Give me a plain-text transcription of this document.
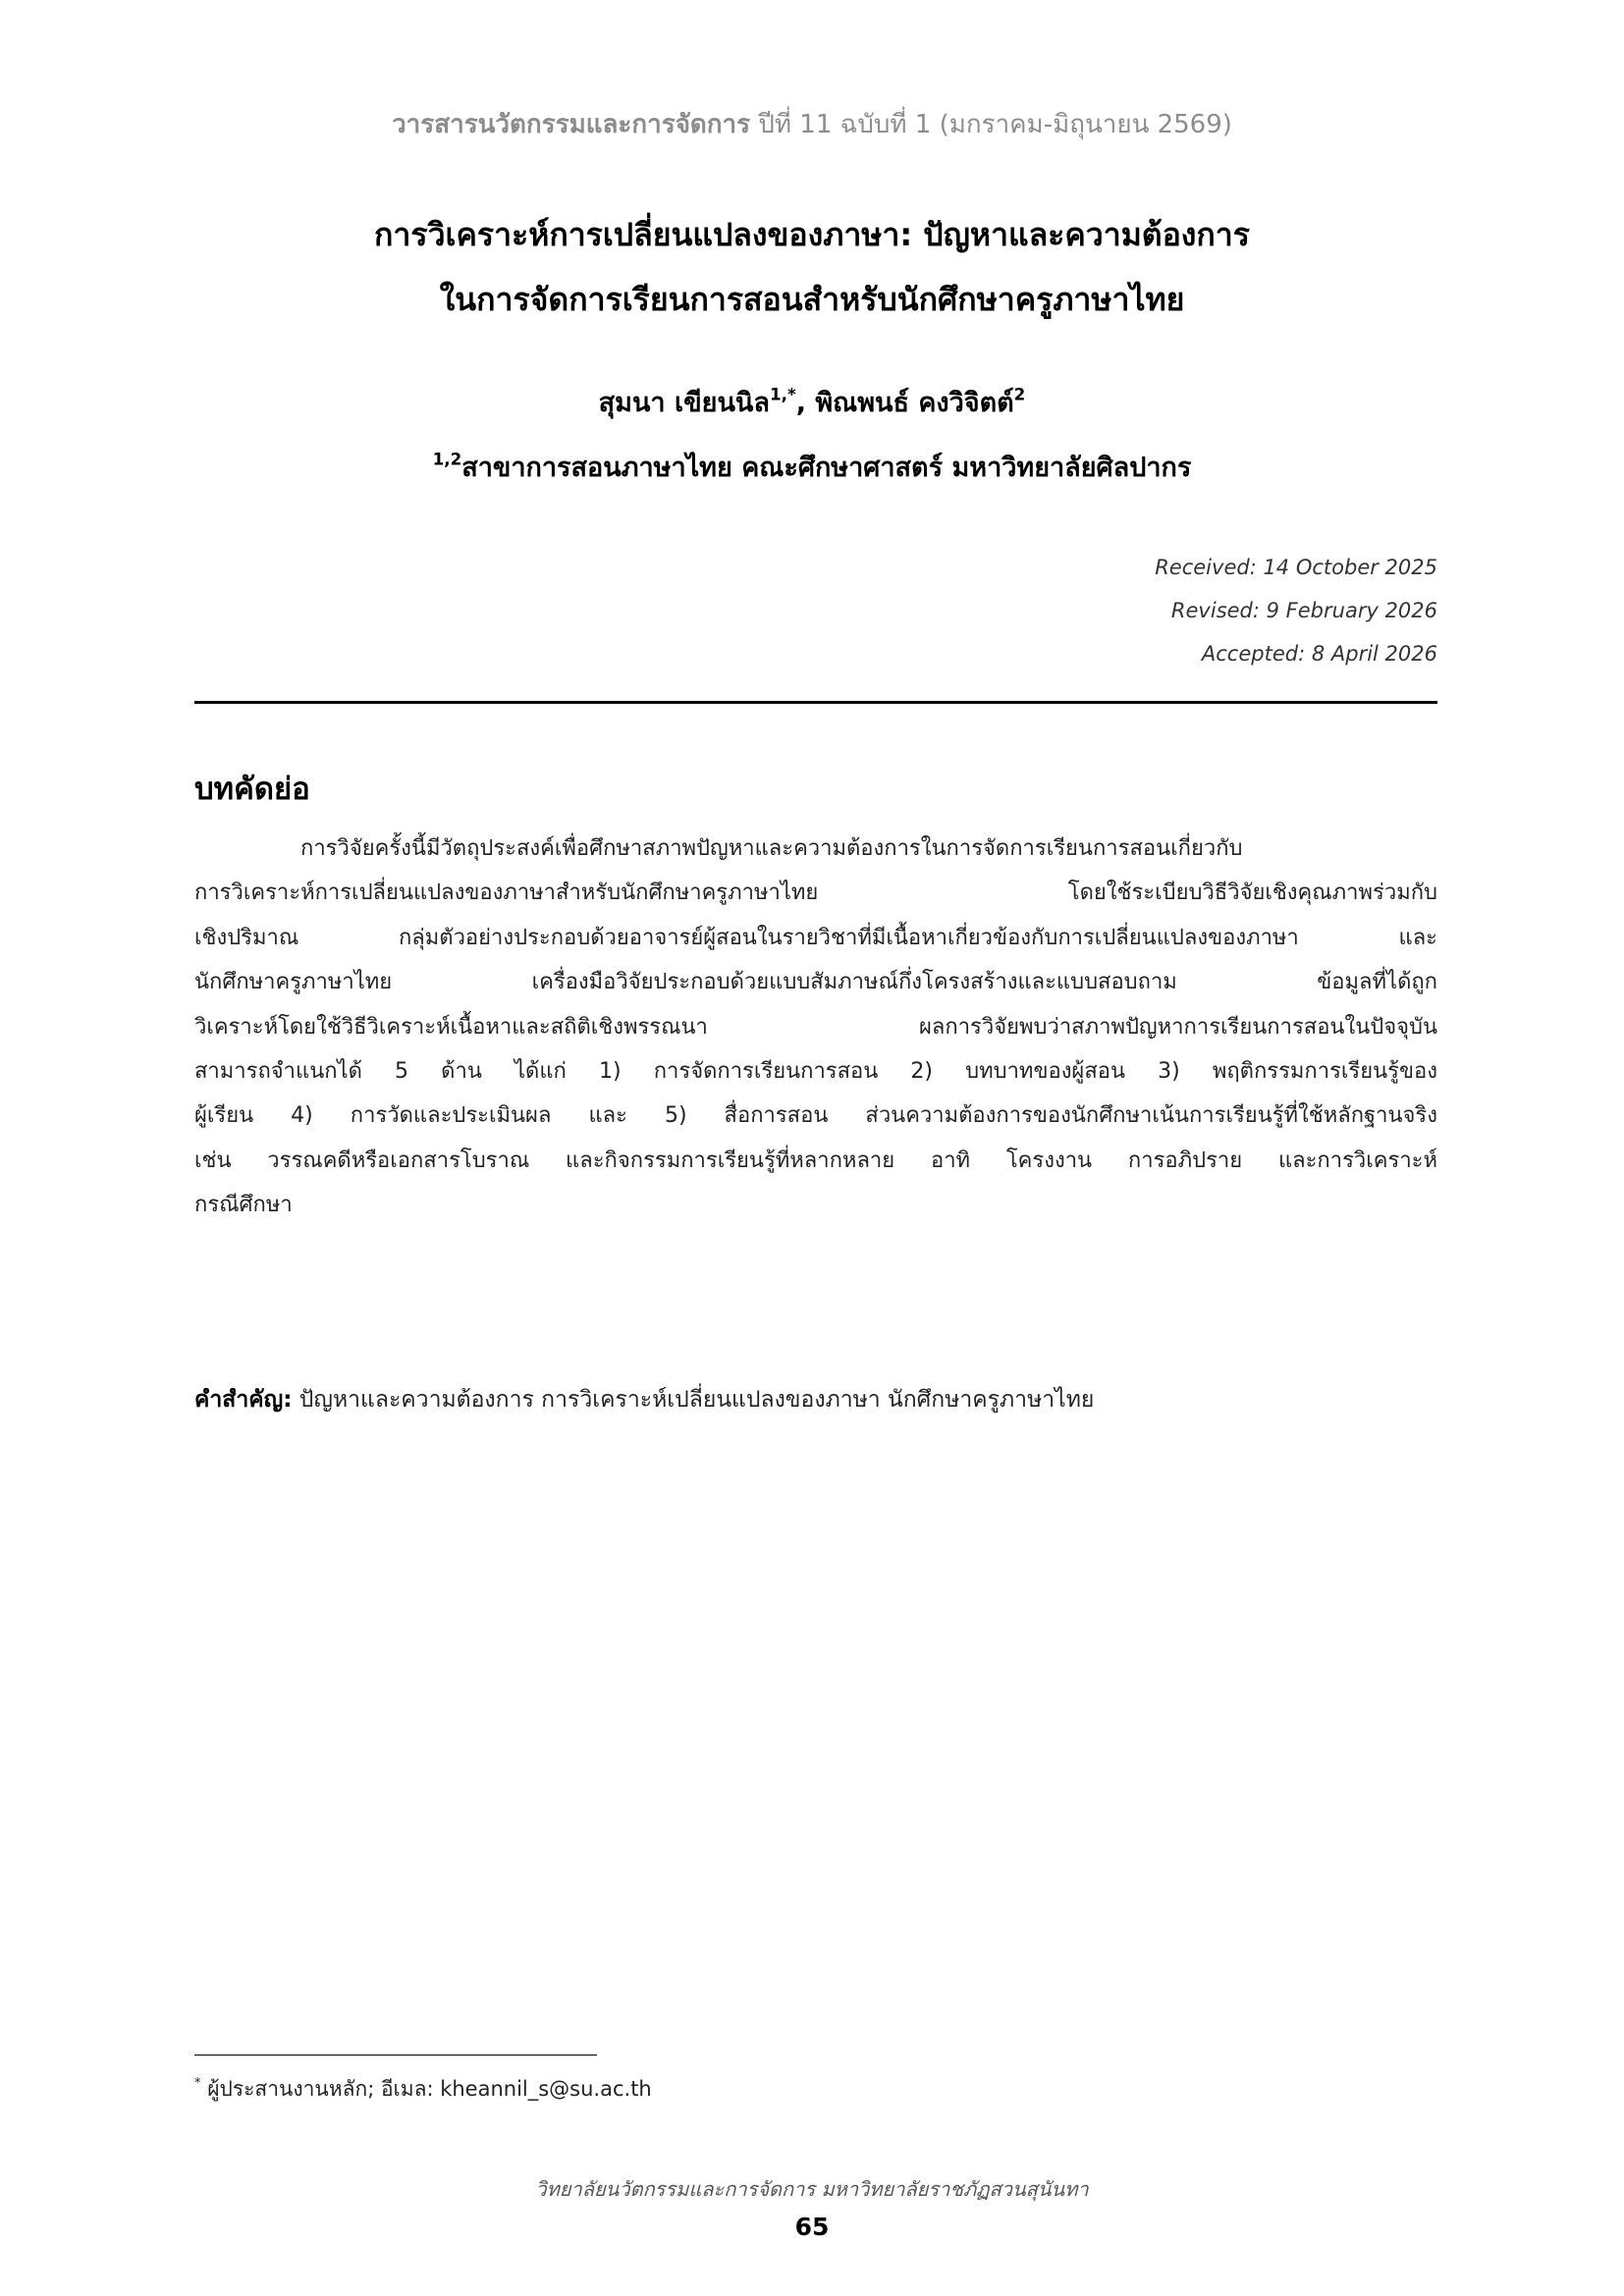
วารสารนวัตกรรมและการจัดการ ปีที่ 11 ฉบับที่ 1 (มกราคม-มิถุนายน 2569)
การวิเคราะห์การเปลี่ยนแปลงของภาษา: ปัญหาและความต้องการ
ในการจัดการเรียนการสอนสำหรับนักศึกษาครูภาษาไทย
สุมนา เขียนนิล$^{1,*}$, พิณพนธ์ คงวิจิตต์$^2$
$^{1,2}$สาขาการสอนภาษาไทย คณะศึกษาศาสตร์ มหาวิทยาลัยศิลปากร
Received: 14 October 2025
Revised: 9 February 2026
Accepted: 8 April 2026
บทคัดย่อ
การวิจัยครั้งนี้มีวัตถุประสงค์เพื่อศึกษาสภาพปัญหาและความต้องการในการจัดการเรียนการสอนเกี่ยวกับ
การวิเคราะห์การเปลี่ยนแปลงของภาษาสำหรับนักศึกษาครูภาษาไทย โดยใช้ระเบียบวิธีวิจัยเชิงคุณภาพร่วมกับ
เชิงปริมาณ กลุ่มตัวอย่างประกอบด้วยอาจารย์ผู้สอนในรายวิชาที่มีเนื้อหาเกี่ยวข้องกับการเปลี่ยนแปลงของภาษา และ
นักศึกษาครูภาษาไทย เครื่องมือวิจัยประกอบด้วยแบบสัมภาษณ์กึ่งโครงสร้างและแบบสอบถาม ข้อมูลที่ได้ถูก
วิเคราะห์โดยใช้วิธีวิเคราะห์เนื้อหาและสถิติเชิงพรรณนา ผลการวิจัยพบว่าสภาพปัญหาการเรียนการสอนในปัจจุบัน
สามารถจำแนกได้ 5 ด้าน ได้แก่ 1) การจัดการเรียนการสอน 2) บทบาทของผู้สอน 3) พฤติกรรมการเรียนรู้ของ
ผู้เรียน 4) การวัดและประเมินผล และ 5) สื่อการสอน ส่วนความต้องการของนักศึกษาเน้นการเรียนรู้ที่ใช้หลักฐานจริง
เช่น วรรณคดีหรือเอกสารโบราณ และกิจกรรมการเรียนรู้ที่หลากหลาย อาทิ โครงงาน การอภิปราย และการวิเคราะห์
กรณีศึกษา
คำสำคัญ: ปัญหาและความต้องการ การวิเคราะห์เปลี่ยนแปลงของภาษา นักศึกษาครูภาษาไทย
* ผู้ประสานงานหลัก; อีเมล: kheannil_s@su.ac.th
วิทยาลัยนวัตกรรมและการจัดการ มหาวิทยาลัยราชภัฏสวนสุนันทา
65
